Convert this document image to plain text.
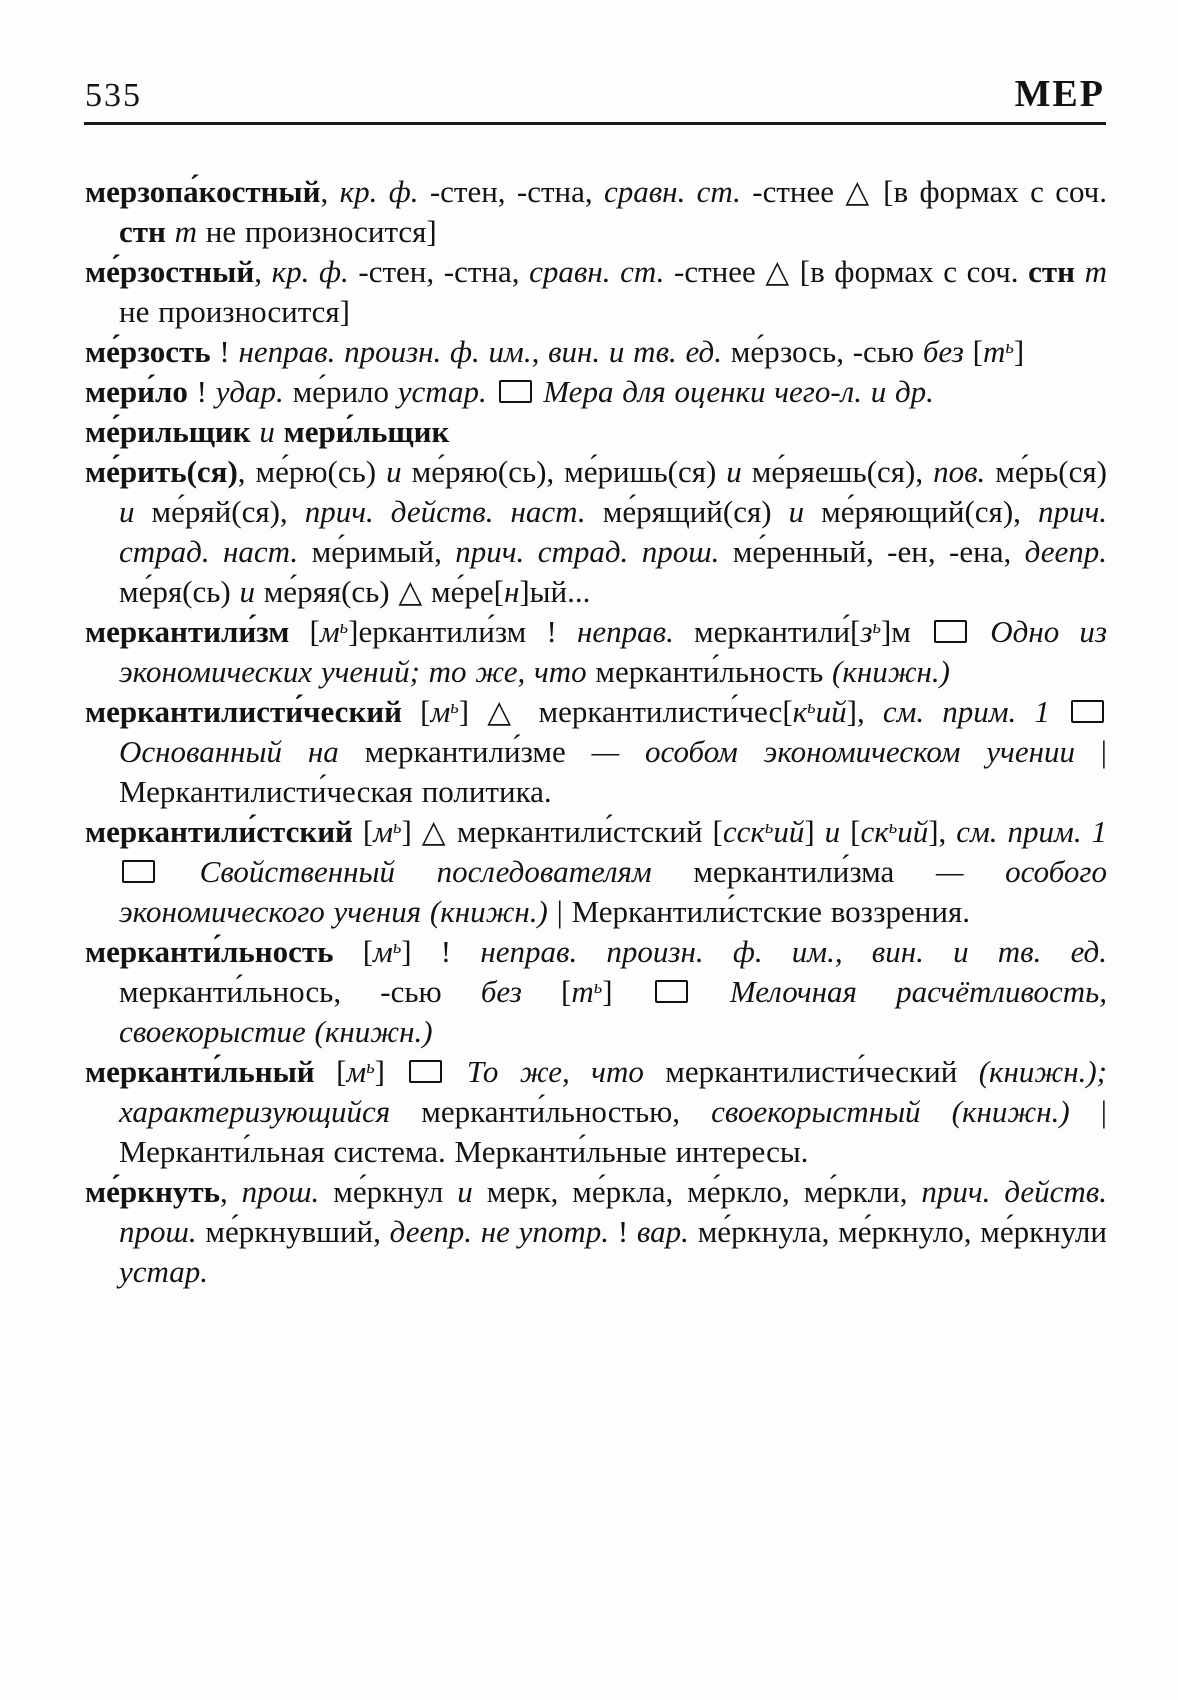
535	МЕР

мерзопа́костный, кр. ф. -стен, -стна, сравн. ст. -стнее △ [в формах с соч. стн т не произносится]

ме́рзостный, кр. ф. -стен, -стна, сравн. ст. -стнее △ [в формах с соч. стн т не произносится]

ме́рзость ! неправ. произн. ф. им., вин. и тв. ед. ме́рзось, -сью без $[т^ь]$

мери́ло ! удар. ме́рило устар.  Мера для оценки чего-л. и др.

ме́рильщик и мери́льщик

ме́рить(ся), ме́рю(сь) и ме́ряю(сь), ме́ришь(ся) и ме́ряешь(ся), пов. ме́рь(ся) и ме́ряй(ся), прич. действ. наст. ме́рящий(ся) и ме́ряющий(ся), прич. страд. наст. ме́римый, прич. страд. прош. ме́ренный, -ен, -ена, деепр. ме́ря(сь) и ме́ряя(сь) △ ме́ре[н]ый...

меркантили́зм $[м^ь]еркантили́зм$ ! неправ. $меркантили́[з^ь]м$  Одно из экономических учений; то же, что мерканти́льность (книжн.)

меркантилисти́ческий $[м^ь]$ △ $меркантилисти́чес[к^ьий]$, см. прим. 1  Основанный на меркантили́зме — особом экономическом учении | Меркантилисти́ческая политика.

меркантили́стский $[м^ь]$ △ меркантили́стский [сск$^ь$ий] и $[ск^ьий]$, см. прим. 1  Свойственный последователям меркантили́зма — особого экономического учения (книжн.) | Меркантили́стские воззрения.

мерканти́льность $[м^ь]$ ! неправ. произн. ф. им., вин. и тв. ед. мерканти́льнось, -сью без $[т^ь]$	Мелочная расчётливость, своекорыстие (книжн.)

мерканти́льный $[м^ь]$  То же, что меркантилисти́ческий (книжн.); характеризующийся мерканти́льностью, своекорыстный (книжн.) | Мерканти́льная система. Мерканти́льные интересы.

ме́ркнуть, прош. ме́ркнул и мерк, ме́ркла, ме́ркло, ме́ркли, прич. действ. прош. ме́ркнувший, деепр. не употр. ! вар. ме́ркнула, ме́ркнуло, ме́ркнули устар.
